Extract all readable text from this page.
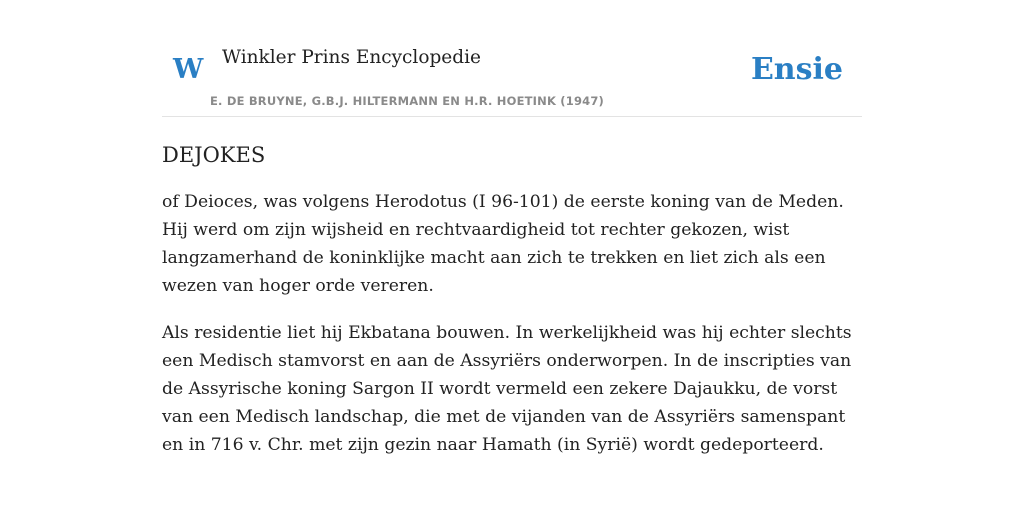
W Winkler Prins Encyclopedie
E. DE BRUYNE, G.B.J. HILTERMANN EN H.R. HOETINK (1947)
Ensie
DEJOKES

of Deioces, was volgens Herodotus (I 96-101) de eerste koning van de Meden. Hij werd om zijn wijsheid en rechtvaardigheid tot rechter gekozen, wist langzamerhand de koninklijke macht aan zich te trekken en liet zich als een wezen van hoger orde vereren.

Als residentie liet hij Ekbatana bouwen. In werkelijkheid was hij echter slechts een Medisch stamvorst en aan de Assyriërs onderworpen. In de inscripties van de Assyrische koning Sargon II wordt vermeld een zekere Dajaukku, de vorst van een Medisch landschap, die met de vijanden van de Assyriërs samenspant en in 716 v. Chr. met zijn gezin naar Hamath (in Syrië) wordt gedeporteerd.
